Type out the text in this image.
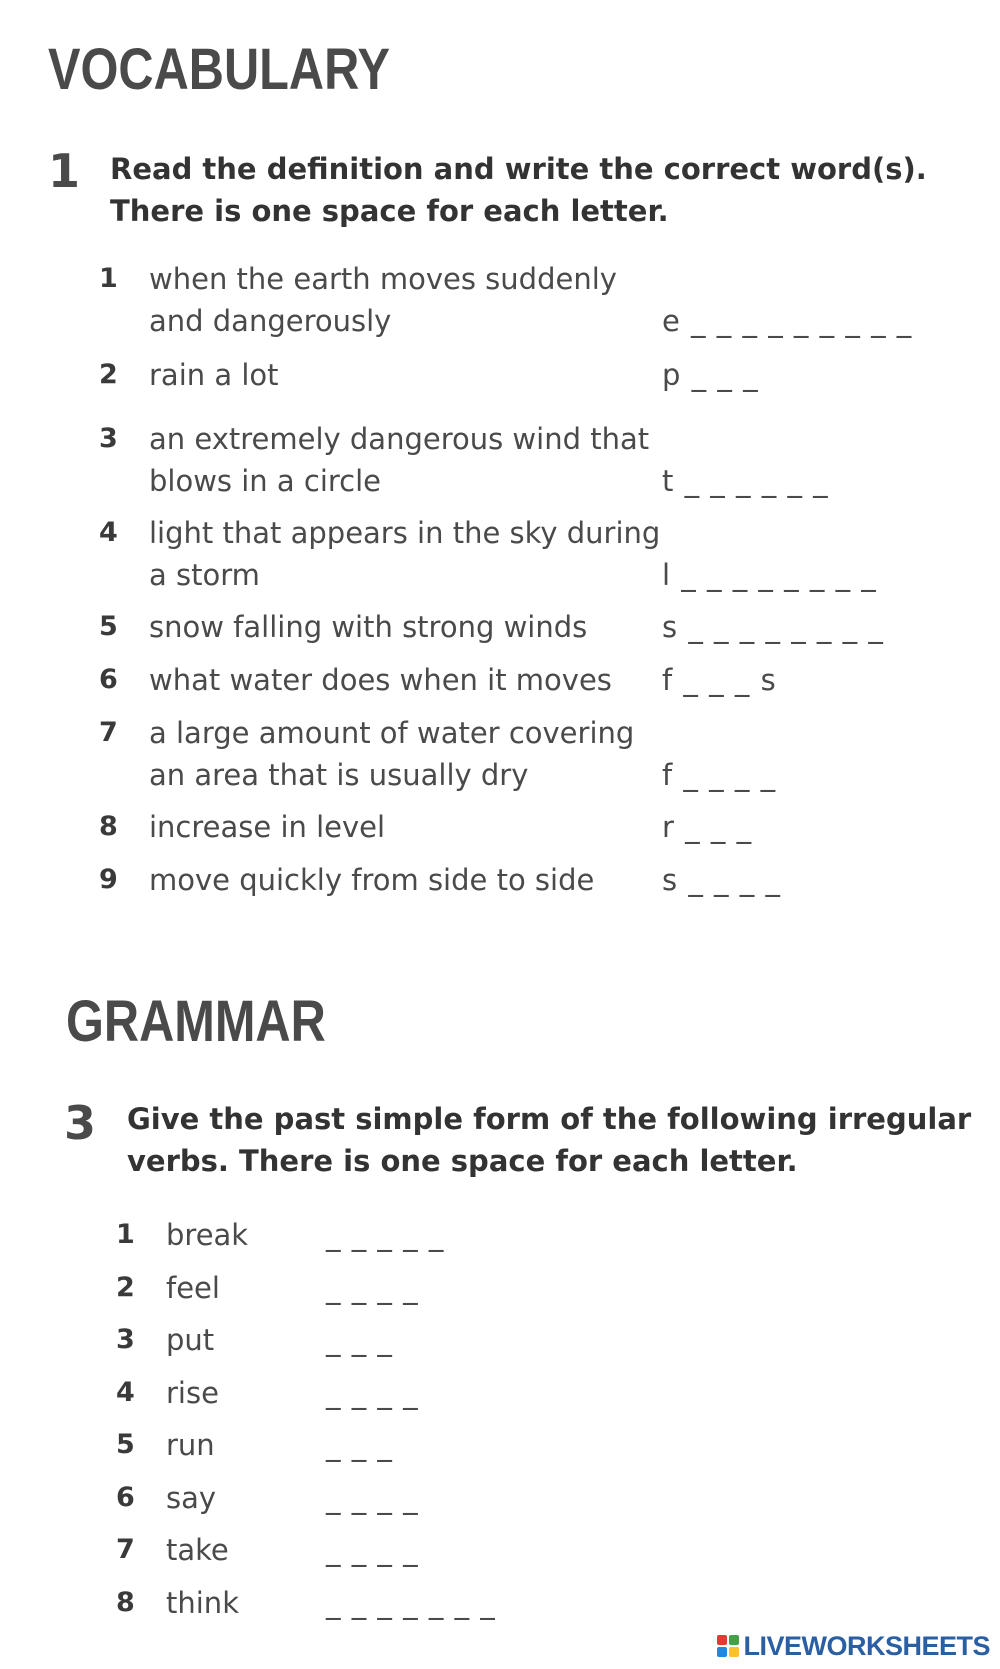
VOCABULARY
1 Read the definition and write the correct word(s).
There is one space for each letter.
1 when the earth moves suddenly
and dangerously	e _ _ _ _ _ _ _ _ _
2 rain a lot	p _ _ _
3 an extremely dangerous wind that
blows in a circle	t _ _ _ _ _ _
4 light that appears in the sky during
a storm	l _ _ _ _ _ _ _ _
5 snow falling with strong winds	s _ _ _ _ _ _ _ _
6 what water does when it moves f _ _ _ s
7 a large amount of water covering
an area that is usually dry	f _ _ _ _
8 increase in level	r _ _ _
9 move quickly from side to side s _ _ _ _
GRAMMAR
3 Give the past simple form of the following irregular
verbs. There is one space for each letter.
1 break	_ _ _ _ _
2 feel	_ _ _ _
3 put	_ _ _
4 rise	_ _ _ _
5 run	_ _ _
6 say	_ _ _ _
7 take	_ _ _ _
8 think	_ _ _ _ _ _ _
LIVEWORKSHEETS
